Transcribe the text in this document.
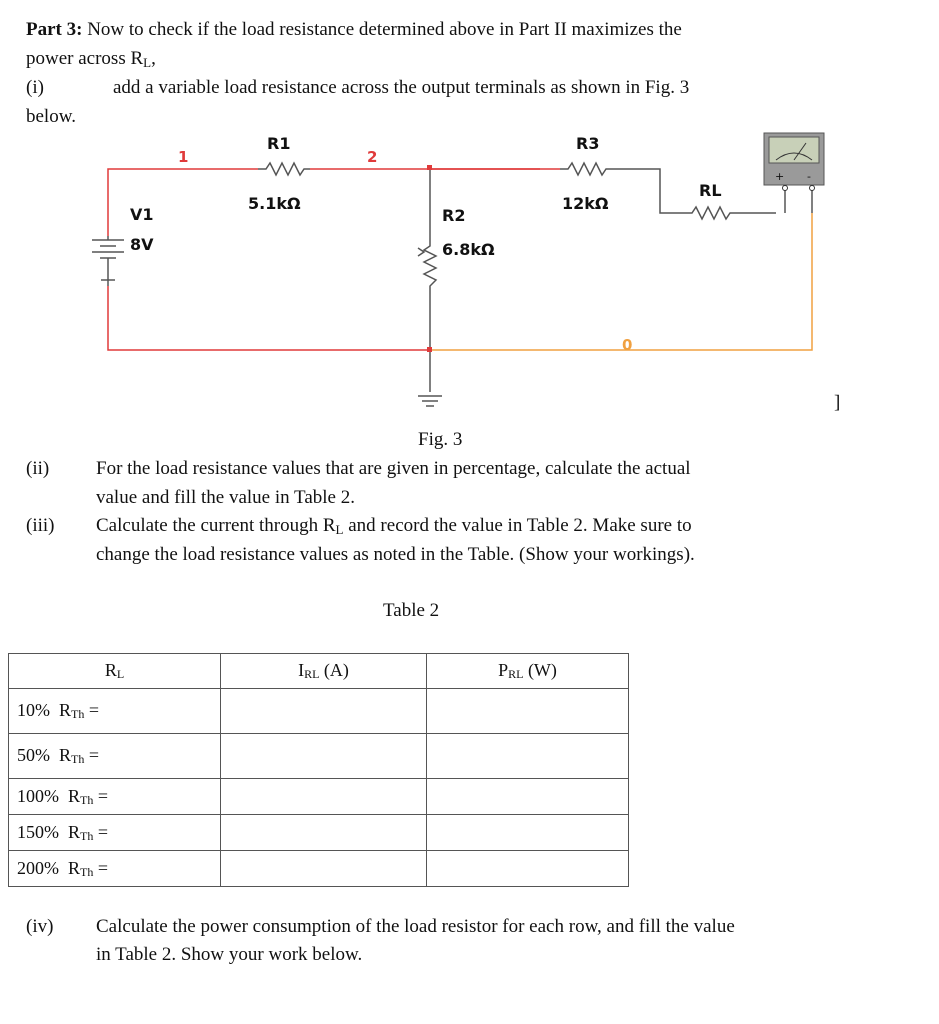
Part 3: Now to check if the load resistance determined above in Part II maximizes the
power across $R_L$,
(i)	add a variable load resistance across the output terminals as shown in Fig. 3
below.
+ -
R1
5.1kΩ
R3
12kΩ
RL
V1
8V
R2
6.8kΩ
1	2
0
]
Fig. 3
(ii) For the load resistance values that are given in percentage, calculate the actual
value and fill the value in Table 2.
(iii) Calculate the current through $R_L$ and record the value in Table 2. Make sure to
change the load resistance values as noted in the Table. (Show your workings).
Table 2
RL	IRL (A)	PRL (W)
10% RTh =		
50% RTh =		
100% RTh =		
150% RTh =		
200% RTh =		
(iv) Calculate the power consumption of the load resistor for each row, and fill the value
in Table 2. Show your work below.
